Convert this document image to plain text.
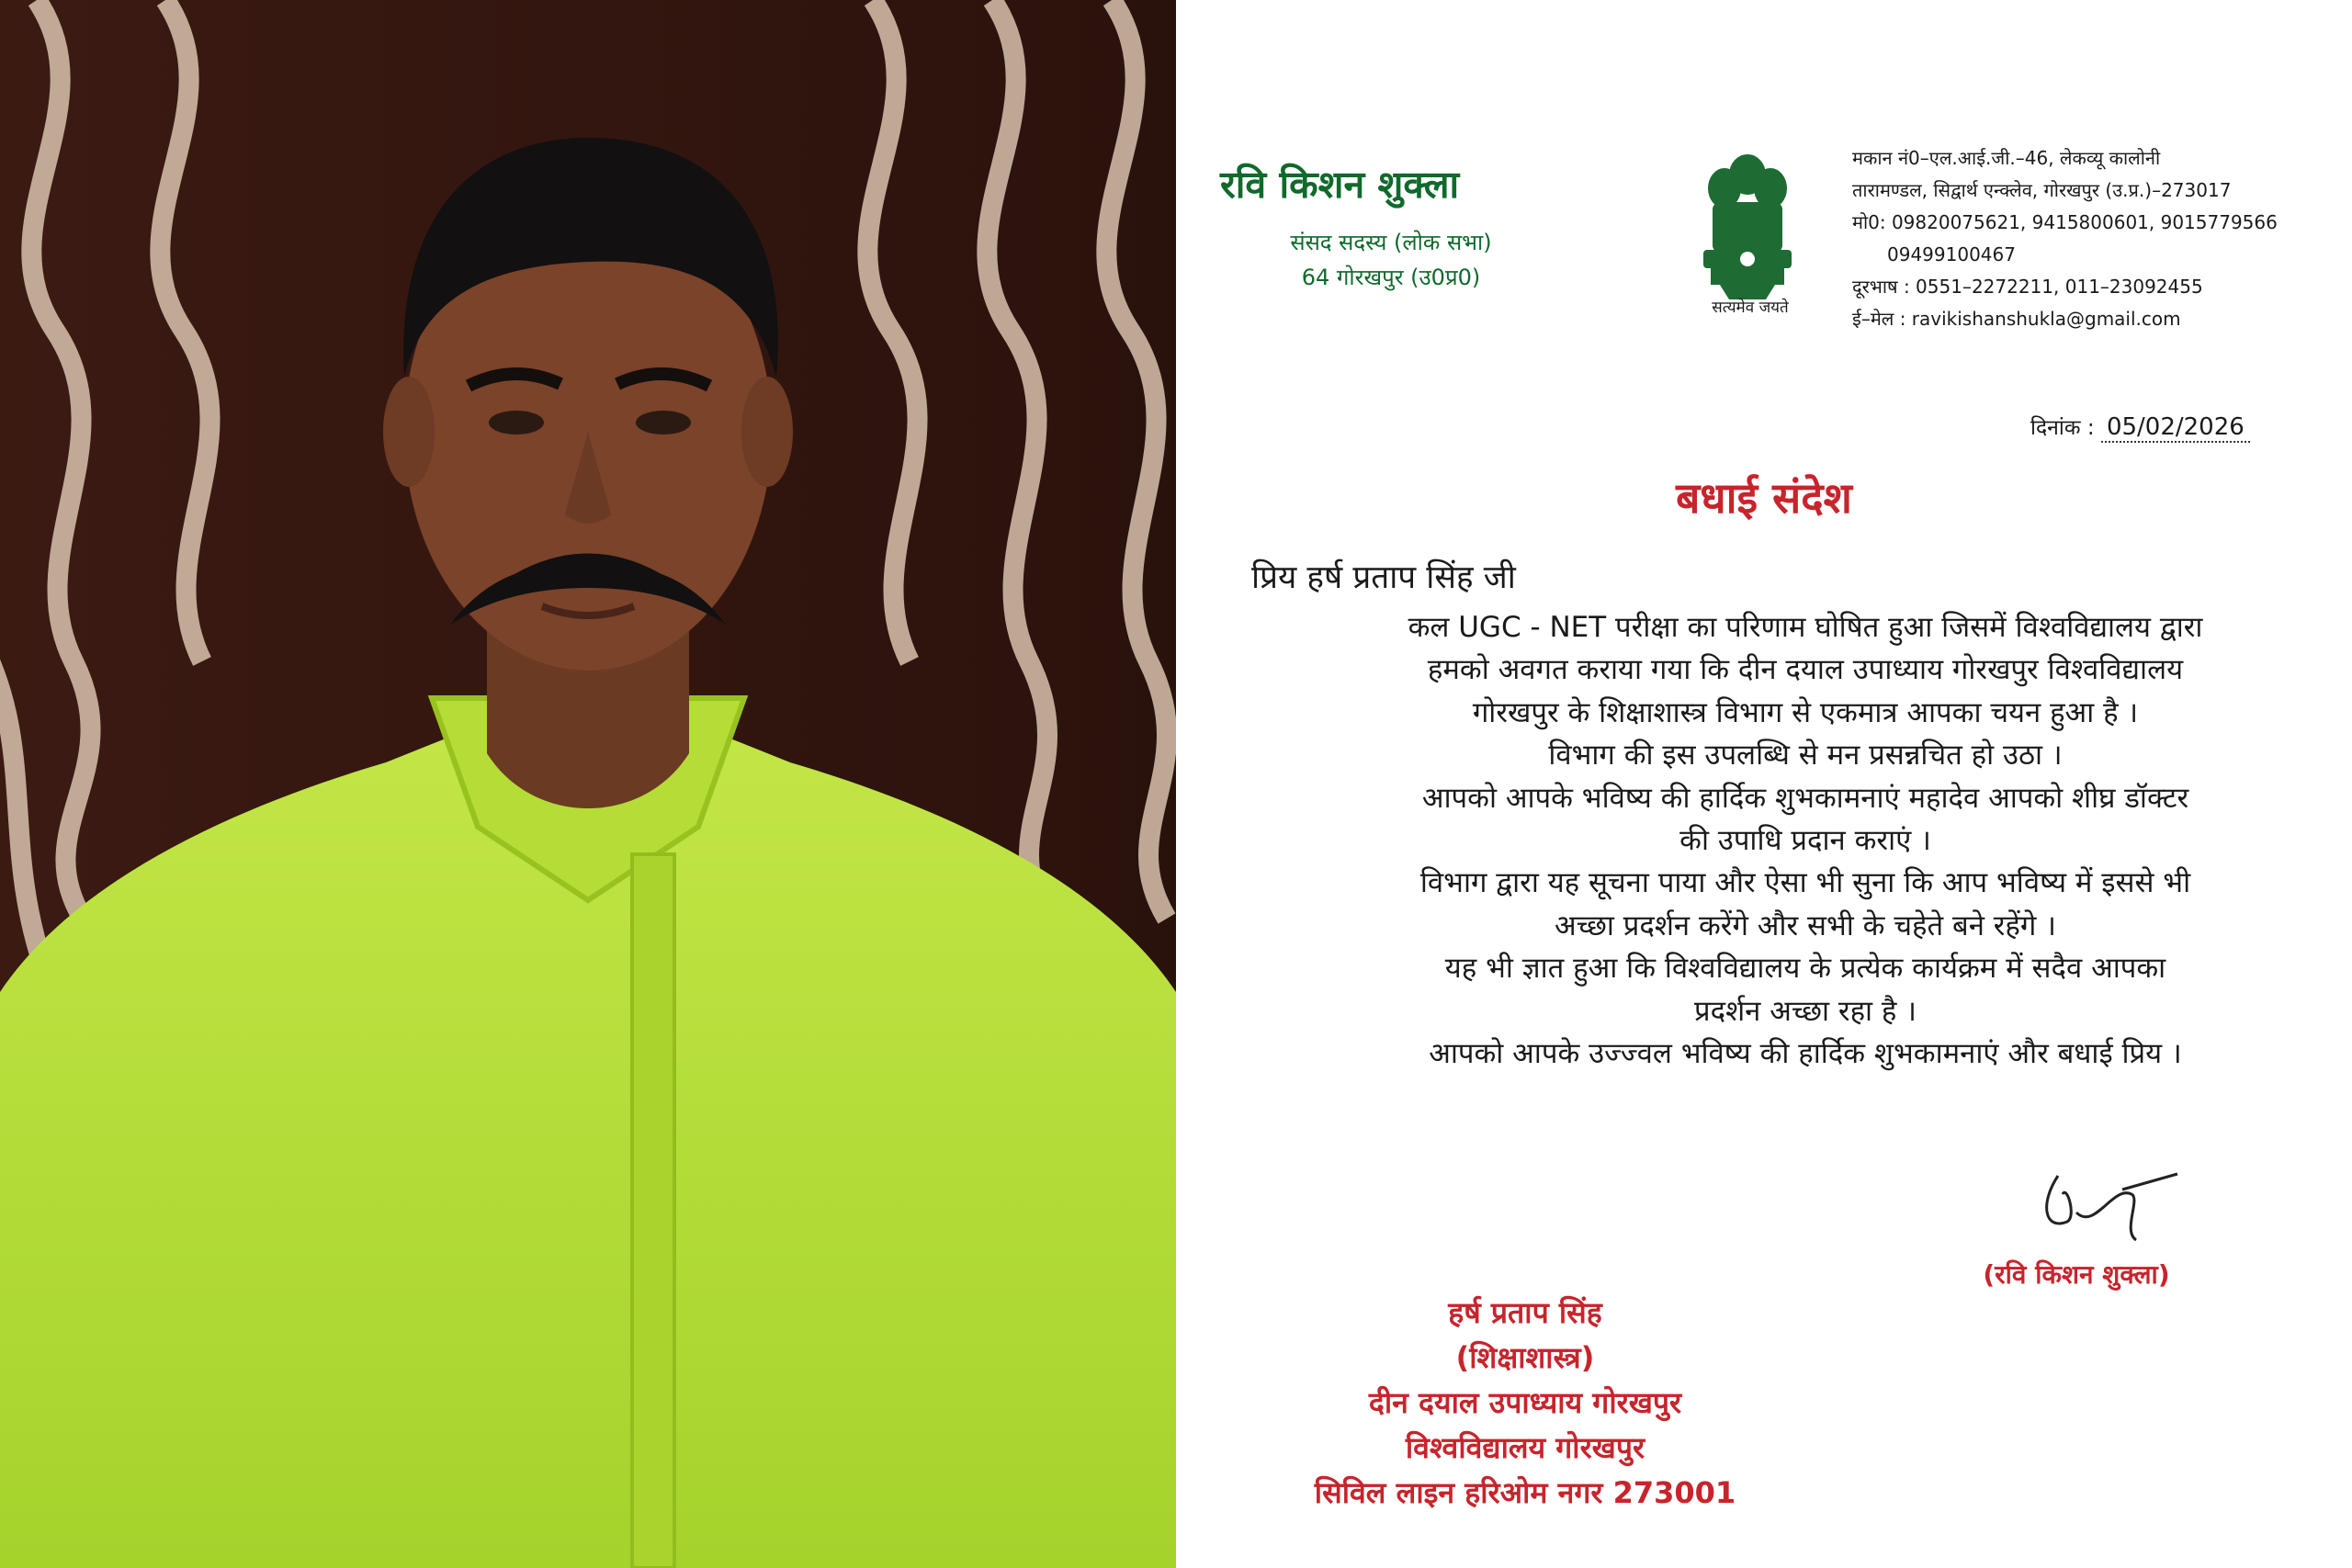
रवि किशन शुक्ला
संसद सदस्य (लोक सभा)
64 गोरखपुर (उ0प्र0)
सत्यमेव जयते
मकान नं0–एल.आई.जी.–46, लेकव्यू कालोनी
तारामण्डल, सिद्वार्थ एन्क्लेव, गोरखपुर (उ.प्र.)–273017
मो0: 09820075621, 9415800601, 9015779566
09499100467
दूरभाष : 0551–2272211, 011–23092455
ई–मेल : ravikishanshukla@gmail.com
दिनांक : 05/02/2026
बधाई संदेश
प्रिय हर्ष प्रताप सिंह जी
कल UGC - NET परीक्षा का परिणाम घोषित हुआ जिसमें विश्वविद्यालय द्वारा
हमको अवगत कराया गया कि दीन दयाल उपाध्याय गोरखपुर विश्वविद्यालय
गोरखपुर के शिक्षाशास्त्र विभाग से एकमात्र आपका चयन हुआ है ।
विभाग की इस उपलब्धि से मन प्रसन्नचित हो उठा ।
आपको आपके भविष्य की हार्दिक शुभकामनाएं महादेव आपको शीघ्र डॉक्टर
की उपाधि प्रदान कराएं ।
विभाग द्वारा यह सूचना पाया और ऐसा भी सुना कि आप भविष्य में इससे भी
अच्छा प्रदर्शन करेंगे और सभी के चहेते बने रहेंगे ।
यह भी ज्ञात हुआ कि विश्वविद्यालय के प्रत्येक कार्यक्रम में सदैव आपका
प्रदर्शन अच्छा रहा है ।
आपको आपके उज्ज्वल भविष्य की हार्दिक शुभकामनाएं और बधाई प्रिय ।
(रवि किशन शुक्ला)
हर्ष प्रताप सिंह
(शिक्षाशास्त्र)
दीन दयाल उपाध्याय गोरखपुर
विश्वविद्यालय गोरखपुर
सिविल लाइन हरिओम नगर 273001
